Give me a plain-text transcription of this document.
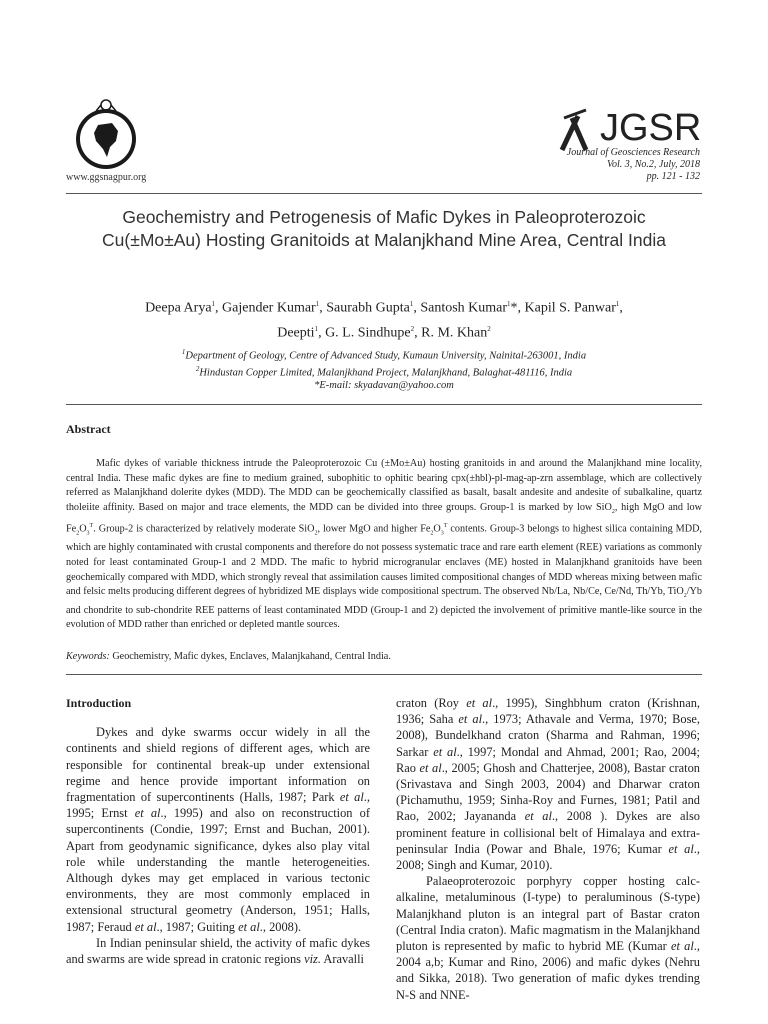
www.ggsnagpur.org
JGSR
Journal of Geosciences Research
Vol. 3, No.2, July, 2018
pp. 121 - 132
Geochemistry and Petrogenesis of Mafic Dykes in Paleoproterozoic Cu(±Mo±Au) Hosting Granitoids at Malanjkhand Mine Area, Central India
Deepa Arya$^1$, Gajender Kumar$^1$, Saurabh Gupta$^1$, Santosh Kumar$^1$*, Kapil S. Panwar$^1$,
Deepti$^1$, G. L. Sindhupe$^2$, R. M. Khan$^2$
$^1$Department of Geology, Centre of Advanced Study, Kumaun University, Nainital-263001, India
$^2$Hindustan Copper Limited, Malanjkhand Project, Malanjkhand, Balaghat-481116, India
*E-mail: skyadavan@yahoo.com
Abstract
Mafic dykes of variable thickness intrude the Paleoproterozoic Cu (±Mo±Au) hosting granitoids in and around the Malanjkhand mine locality, central India. These mafic dykes are fine to medium grained, subophitic to ophitic bearing cpx(±hbl)-pl-mag-ap-zrn assemblage, which are collectively referred as Malanjkhand dolerite dykes (MDD). The MDD can be geochemically classified as basalt, basalt andesite and andesite of subalkaline, quartz tholeiite affinity. Based on major and trace elements, the MDD can be divided into three groups. Group-1 is marked by low SiO$_2$, high MgO and low $Fe_2O_3^T$. Group-2 is characterized by relatively moderate SiO$_2$, lower MgO and higher $Fe_2O_3^T$ contents. Group-3 belongs to highest silica containing MDD, which are highly contaminated with crustal components and therefore do not possess systematic trace and rare earth element (REE) variations as commonly noted for least contaminated Group-1 and 2 MDD. The mafic to hybrid microgranular enclaves (ME) hosted in Malanjkhand granitoids have been geochemically compared with MDD, which strongly reveal that assimilation causes limited compositional changes of MDD whereas mixing between mafic and felsic melts producing different degrees of hybridized ME displays wide compositional spectrum. The observed Nb/La, Nb/Ce, Ce/Nd, Th/Yb, TiO$_2$/Yb and chondrite to sub-chondrite REE patterns of least contaminated MDD (Group-1 and 2) depicted the involvement of primitive mantle-like source in the evolution of MDD rather than enriched or depleted mantle sources.
Keywords: Geochemistry, Mafic dykes, Enclaves, Malanjkahand, Central India.

Introduction

Dykes and dyke swarms occur widely in all the continents and shield regions of different ages, which are responsible for continental break-up under extensional regime and hence provide important information on fragmentation of supercontinents (Halls, 1987; Park et al., 1995; Ernst et al., 1995) and also on reconstruction of supercontinents (Condie, 1997; Ernst and Buchan, 2001). Apart from geodynamic significance, dykes also play vital role while understanding the mantle heterogeneities. Although dykes may get emplaced in various tectonic environments, they are most commonly emplaced in extensional structural geometry (Anderson, 1951; Halls, 1987; Feraud et al., 1987; Guiting et al., 2008).

In Indian peninsular shield, the activity of mafic dykes and swarms are wide spread in cratonic regions viz. Aravalli

craton (Roy et al., 1995), Singhbhum craton (Krishnan, 1936; Saha et al., 1973; Athavale and Verma, 1970; Bose, 2008), Bundelkhand craton (Sharma and Rahman, 1996; Sarkar et al., 1997; Mondal and Ahmad, 2001; Rao, 2004; Rao et al., 2005; Ghosh and Chatterjee, 2008), Bastar craton (Srivastava and Singh 2003, 2004) and Dharwar craton (Pichamuthu, 1959; Sinha-Roy and Furnes, 1981; Patil and Rao, 2002; Jayananda et al., 2008 ). Dykes are also prominent feature in collisional belt of Himalaya and extra-peninsular India (Powar and Bhale, 1976; Kumar et al., 2008; Singh and Kumar, 2010).

Palaeoproterozoic porphyry copper hosting calc-alkaline, metaluminous (I-type) to peraluminous (S-type) Malanjkhand pluton is an integral part of Bastar craton (Central India craton). Mafic magmatism in the Malanjkhand pluton is represented by mafic to hybrid ME (Kumar et al., 2004 a,b; Kumar and Rino, 2006) and mafic dykes (Nehru and Sikka, 2018). Two generation of mafic dykes trending N-S and NNE-
